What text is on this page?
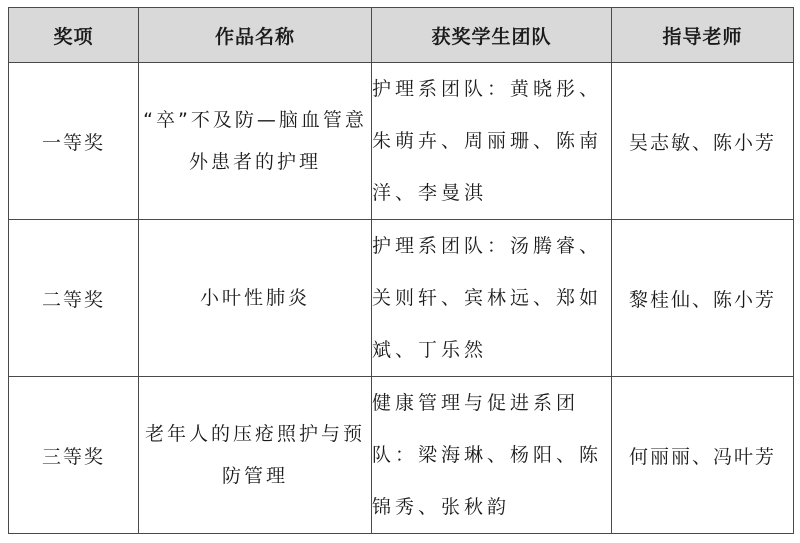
奖项	作品名称	获奖学生团队	指导老师
一等奖	“卒”不及防—脑血管意外患者的护理	护理系团队：黄晓彤、朱萌卉、周丽珊、陈南洋、李曼淇	吴志敏、陈小芳
二等奖	小叶性肺炎	护理系团队：汤腾睿、关则轩、宾林远、郑如斌、丁乐然	黎桂仙、陈小芳
三等奖	老年人的压疮照护与预防管理	健康管理与促进系团队：梁海琳、杨阳、陈锦秀、张秋韵	何丽丽、冯叶芳
